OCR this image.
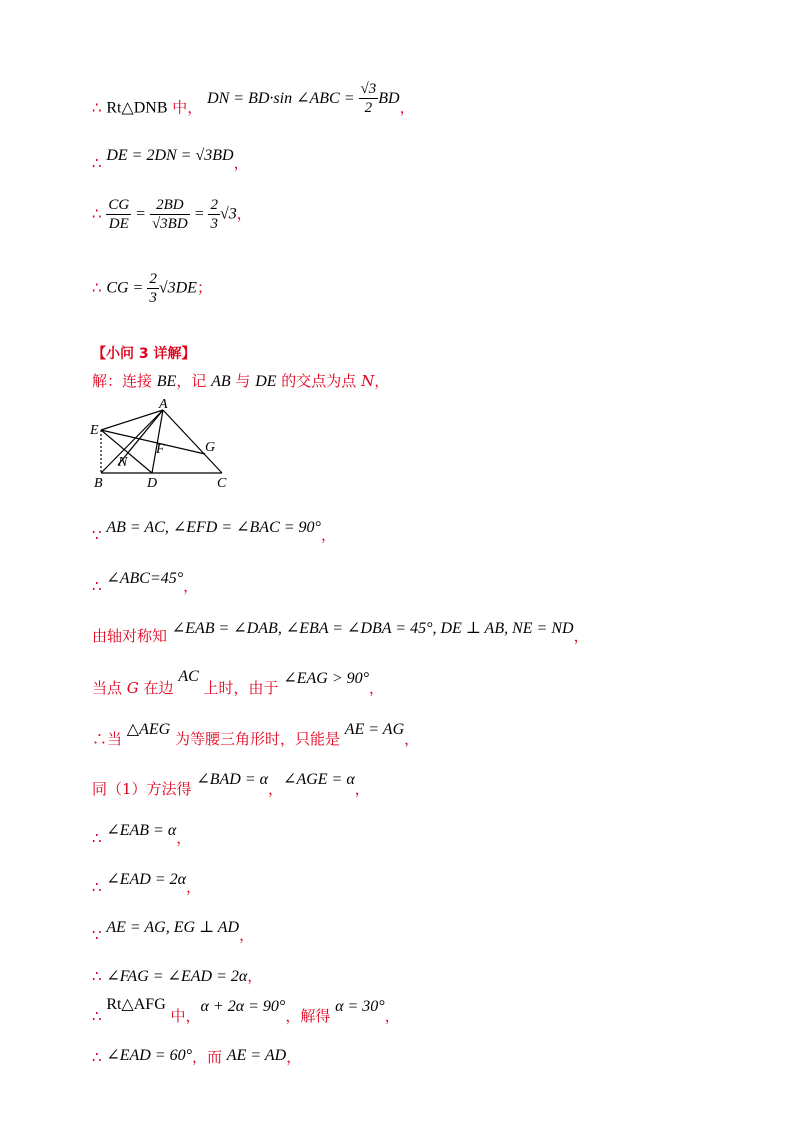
∴ Rt△DNB 中， DN = BD·sin ∠ABC = $\frac{√3}{2}$ BD，
∴ DE = 2DN = √3BD，
∴ $\frac{CG}{DE} = \frac{2BD}{√3BD} = \frac{2}{3} √3$，
∴ CG = $\frac{2}{3} √3DE$；
【小问 3 详解】
解：连接 BE，记 AB 与 DE 的交点为点 N，
A
E
G
F
N
B	D	C
∵ AB = AC, ∠EFD = ∠BAC = 90°，
∴ ∠ABC=45°，
由轴对称知 ∠EAB = ∠DAB, ∠EBA = ∠DBA = 45°, DE ⊥ AB, NE = ND，
当点 G 在边 AC 上时，由于 ∠EAG > 90°，
∴当 △AEG 为等腰三角形时，只能是 AE = AG，
同（1）方法得 ∠BAD = α，∠AGE = α，
∴ ∠EAB = α，
∴ ∠EAD = 2α，
∵ AE = AG, EG ⊥ AD，
∴ ∠FAG = ∠EAD = 2α，
∴ Rt△AFG 中，α + 2α = 90°，解得 α = 30°，
∴ ∠EAD = 60°，而 AE = AD，
